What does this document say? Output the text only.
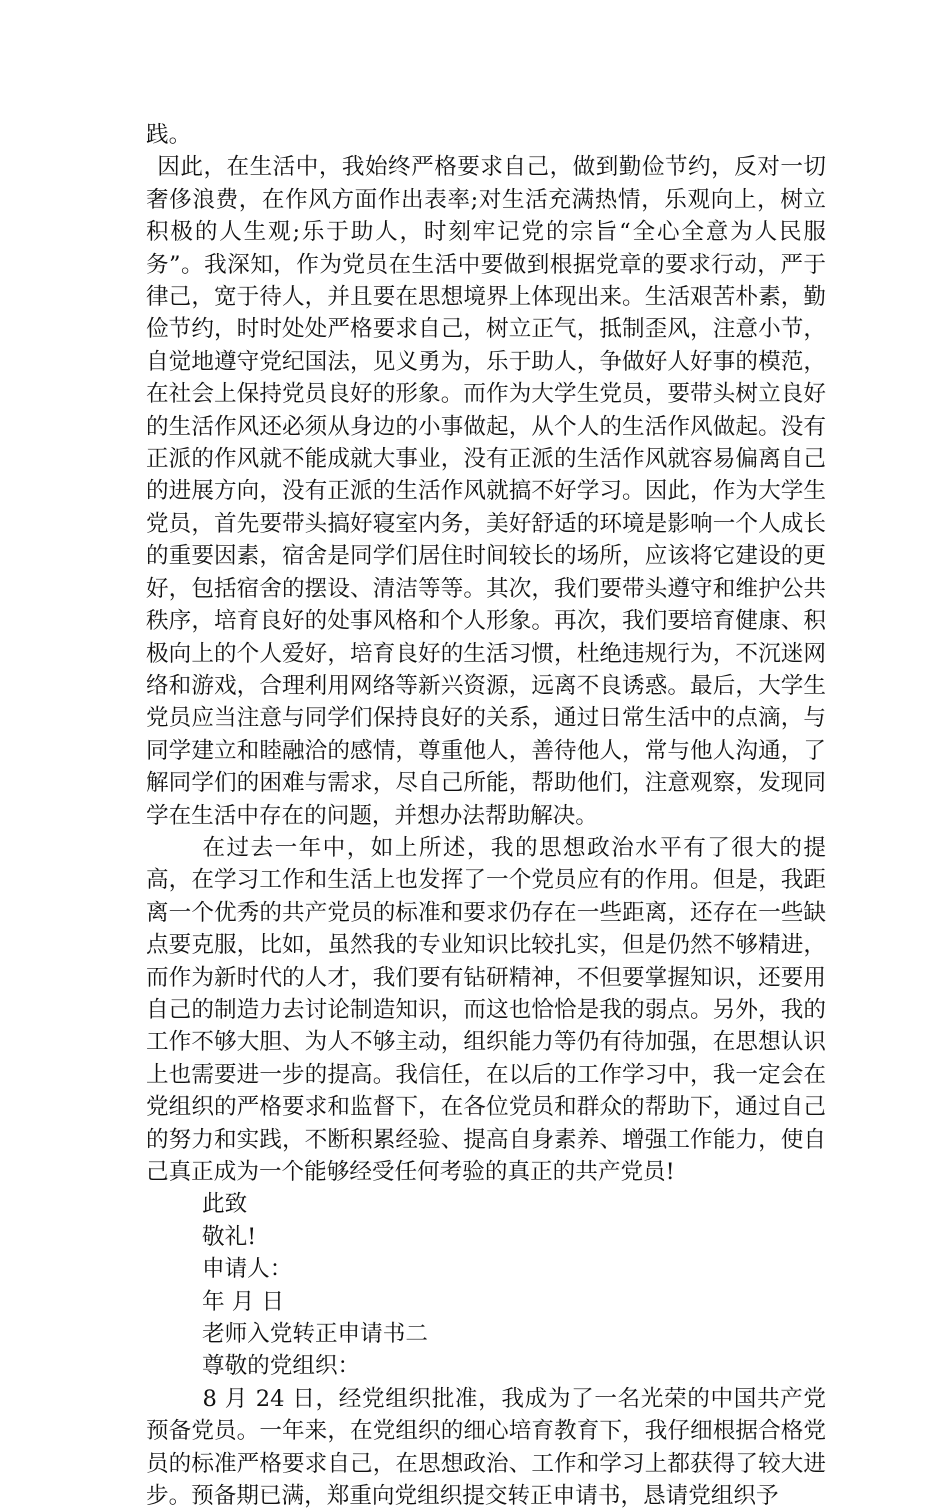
践。

因此，在生活中，我始终严格要求自己，做到勤俭节约，反对一切奢侈浪费，在作风方面作出表率;对生活充满热情，乐观向上，树立积极的人生观;乐于助人，时刻牢记党的宗旨“全心全意为人民服务”。我深知，作为党员在生活中要做到根据党章的要求行动，严于律己，宽于待人，并且要在思想境界上体现出来。生活艰苦朴素，勤俭节约，时时处处严格要求自己，树立正气，抵制歪风，注意小节，自觉地遵守党纪国法，见义勇为，乐于助人，争做好人好事的模范，在社会上保持党员良好的形象。而作为大学生党员，要带头树立良好的生活作风还必须从身边的小事做起，从个人的生活作风做起。没有正派的作风就不能成就大事业，没有正派的生活作风就容易偏离自己的进展方向，没有正派的生活作风就搞不好学习。因此，作为大学生党员，首先要带头搞好寝室内务，美好舒适的环境是影响一个人成长的重要因素，宿舍是同学们居住时间较长的场所，应该将它建设的更好，包括宿舍的摆设、清洁等等。其次，我们要带头遵守和维护公共秩序，培育良好的处事风格和个人形象。再次，我们要培育健康、积极向上的个人爱好，培育良好的生活习惯，杜绝违规行为，不沉迷网络和游戏，合理利用网络等新兴资源，远离不良诱惑。最后，大学生党员应当注意与同学们保持良好的关系，通过日常生活中的点滴，与同学建立和睦融洽的感情，尊重他人，善待他人，常与他人沟通，了解同学们的困难与需求，尽自己所能，帮助他们，注意观察，发现同学在生活中存在的问题，并想办法帮助解决。

在过去一年中，如上所述，我的思想政治水平有了很大的提高，在学习工作和生活上也发挥了一个党员应有的作用。但是，我距离一个优秀的共产党员的标准和要求仍存在一些距离，还存在一些缺点要克服，比如，虽然我的专业知识比较扎实，但是仍然不够精进，而作为新时代的人才，我们要有钻研精神，不但要掌握知识，还要用自己的制造力去讨论制造知识，而这也恰恰是我的弱点。另外，我的工作不够大胆、为人不够主动，组织能力等仍有待加强，在思想认识上也需要进一步的提高。我信任，在以后的工作学习中，我一定会在党组织的严格要求和监督下，在各位党员和群众的帮助下，通过自己的努力和实践，不断积累经验、提高自身素养、增强工作能力，使自己真正成为一个能够经受任何考验的真正的共产党员!

此致

敬礼!

申请人：

年 月 日

老师入党转正申请书二

尊敬的党组织：

8 月 24 日，经党组织批准，我成为了一名光荣的中国共产党预备党员。一年来，在党组织的细心培育教育下，我仔细根据合格党员的标准严格要求自己，在思想政治、工作和学习上都获得了较大进步。预备期已满，郑重向党组织提交转正申请书，恳请党组织予
